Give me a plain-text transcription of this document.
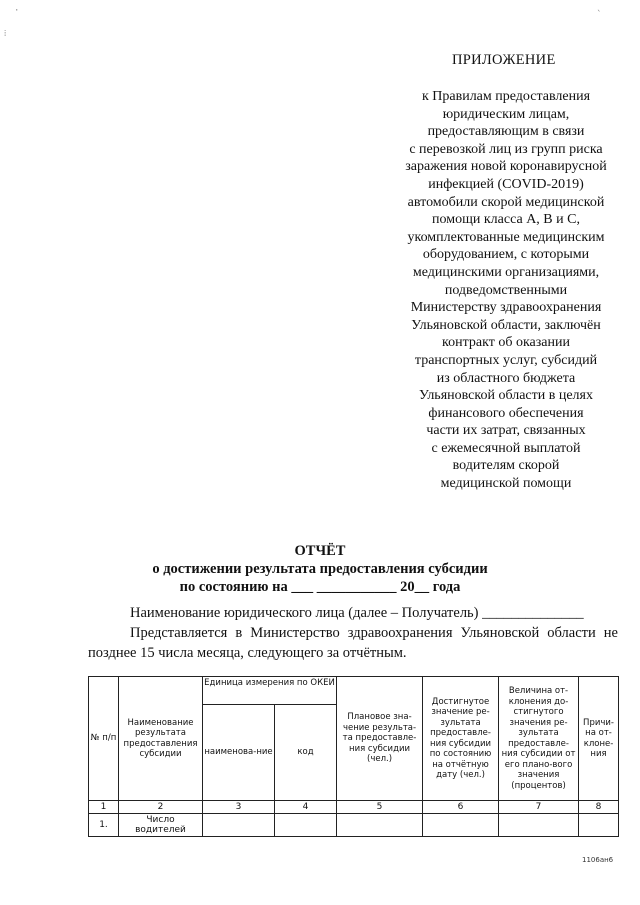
·
⁞
ˎ
ПРИЛОЖЕНИЕ
к Правилам предоставления
юридическим лицам,
предоставляющим в связи
с перевозкой лиц из групп риска
заражения новой коронавирусной
инфекцией (COVID-2019)
автомобили скорой медицинской
помощи класса А, В и С,
укомплектованные медицинским
оборудованием, с которыми
медицинскими организациями,
подведомственными
Министерству здравоохранения
Ульяновской области, заключён
контракт об оказании
транспортных услуг, субсидий
из областного бюджета
Ульяновской области в целях
финансового обеспечения
части их затрат, связанных
с ежемесячной выплатой
водителям скорой
медицинской помощи
ОТЧЁТ
о достижении результата предоставления субсидии
по состоянию на ___ ___________ 20__ года
Наименование юридического лица (далее – Получатель) ______________
Представляется в Министерство здравоохранения Ульяновской области не позднее 15 числа месяца, следующего за отчётным.
№ п/п	Наименование результата предоставления субсидии	Единица измерения по ОКЕИ		Плановое зна-чение результа-та предоставле-ния субсидии (чел.)	Достигнутое значение ре-зультата предоставле-ния субсидии по состоянию на отчётную дату (чел.)	Величина от-клонения до-стигнутого значения ре-зультата предоставле-ния субсидии от его плано-вого значения (процентов)	Причи-на от-клоне-ния
		наименова-ние	код				
1	2	3	4	5	6	7	8
1.	Число водителей						
1106ан6
